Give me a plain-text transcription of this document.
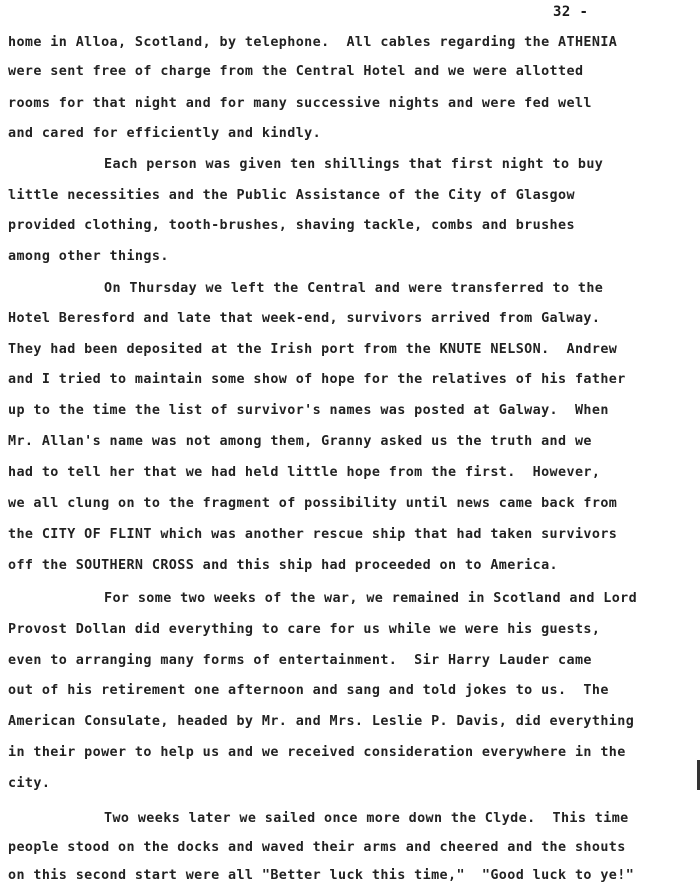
32 -

home in Alloa, Scotland, by telephone.  All cables regarding the ATHENIA

were sent free of charge from the Central Hotel and we were allotted

rooms for that night and for many successive nights and were fed well

and cared for efficiently and kindly.

Each person was given ten shillings that first night to buy

little necessities and the Public Assistance of the City of Glasgow

provided clothing, tooth-brushes, shaving tackle, combs and brushes

among other things.

On Thursday we left the Central and were transferred to the

Hotel Beresford and late that week-end, survivors arrived from Galway.

They had been deposited at the Irish port from the KNUTE NELSON.  Andrew

and I tried to maintain some show of hope for the relatives of his father

up to the time the list of survivor's names was posted at Galway.  When

Mr. Allan's name was not among them, Granny asked us the truth and we

had to tell her that we had held little hope from the first.  However,

we all clung on to the fragment of possibility until news came back from

the CITY OF FLINT which was another rescue ship that had taken survivors

off the SOUTHERN CROSS and this ship had proceeded on to America.

For some two weeks of the war, we remained in Scotland and Lord

Provost Dollan did everything to care for us while we were his guests,

even to arranging many forms of entertainment.  Sir Harry Lauder came

out of his retirement one afternoon and sang and told jokes to us.  The

American Consulate, headed by Mr. and Mrs. Leslie P. Davis, did everything

in their power to help us and we received consideration everywhere in the

city.

Two weeks later we sailed once more down the Clyde.  This time

people stood on the docks and waved their arms and cheered and the shouts

on this second start were all "Better luck this time,"  "Good luck to ye!"
